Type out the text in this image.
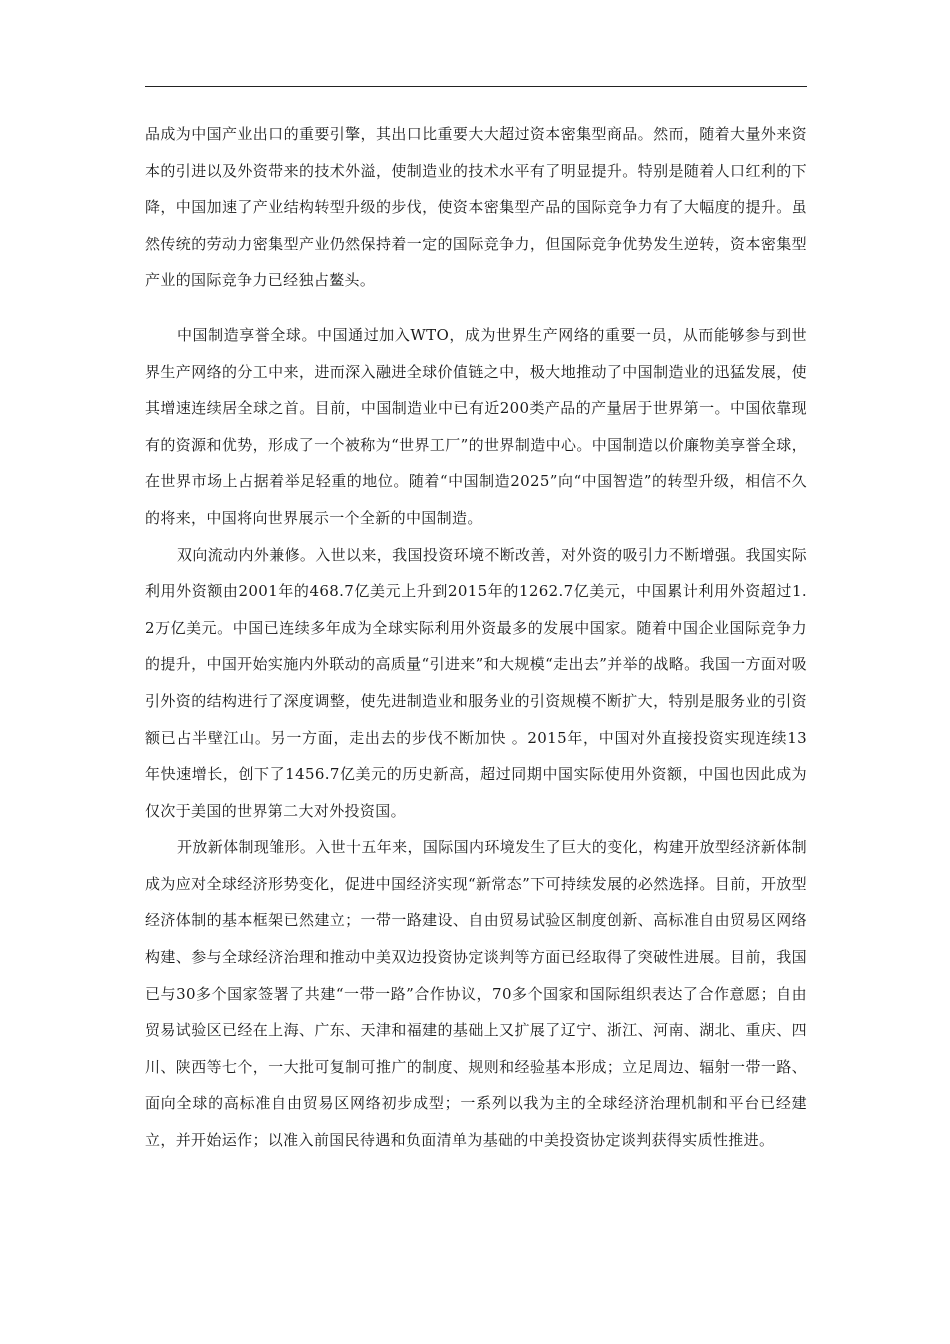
品成为中国产业出口的重要引擎，其出口比重要大大超过资本密集型商品。然而，随着大量外来资本的引进以及外资带来的技术外溢，使制造业的技术水平有了明显提升。特别是随着人口红利的下降，中国加速了产业结构转型升级的步伐，使资本密集型产品的国际竞争力有了大幅度的提升。虽然传统的劳动力密集型产业仍然保持着一定的国际竞争力，但国际竞争优势发生逆转，资本密集型产业的国际竞争力已经独占鳌头。

中国制造享誉全球。中国通过加入WTO，成为世界生产网络的重要一员，从而能够参与到世界生产网络的分工中来，进而深入融进全球价值链之中，极大地推动了中国制造业的迅猛发展，使其增速连续居全球之首。目前，中国制造业中已有近200类产品的产量居于世界第一。中国依靠现有的资源和优势，形成了一个被称为“世界工厂”的世界制造中心。中国制造以价廉物美享誉全球，在世界市场上占据着举足轻重的地位。随着“中国制造2025”向“中国智造”的转型升级，相信不久的将来，中国将向世界展示一个全新的中国制造。

双向流动内外兼修。入世以来，我国投资环境不断改善，对外资的吸引力不断增强。我国实际利用外资额由2001年的468.7亿美元上升到2015年的1262.7亿美元，中国累计利用外资超过1.2万亿美元。中国已连续多年成为全球实际利用外资最多的发展中国家。随着中国企业国际竞争力的提升，中国开始实施内外联动的高质量“引进来”和大规模“走出去”并举的战略。我国一方面对吸引外资的结构进行了深度调整，使先进制造业和服务业的引资规模不断扩大，特别是服务业的引资额已占半壁江山。另一方面，走出去的步伐不断加快 。2015年，中国对外直接投资实现连续13年快速增长，创下了1456.7亿美元的历史新高，超过同期中国实际使用外资额，中国也因此成为仅次于美国的世界第二大对外投资国。

开放新体制现雏形。入世十五年来，国际国内环境发生了巨大的变化，构建开放型经济新体制成为应对全球经济形势变化，促进中国经济实现“新常态”下可持续发展的必然选择。目前，开放型经济体制的基本框架已然建立；一带一路建设、自由贸易试验区制度创新、高标准自由贸易区网络构建、参与全球经济治理和推动中美双边投资协定谈判等方面已经取得了突破性进展。目前，我国已与30多个国家签署了共建“一带一路”合作协议，70多个国家和国际组织表达了合作意愿；自由贸易试验区已经在上海、广东、天津和福建的基础上又扩展了辽宁、浙江、河南、湖北、重庆、四川、陕西等七个，一大批可复制可推广的制度、规则和经验基本形成；立足周边、辐射一带一路、面向全球的高标准自由贸易区网络初步成型；一系列以我为主的全球经济治理机制和平台已经建立，并开始运作；以准入前国民待遇和负面清单为基础的中美投资协定谈判获得实质性推进。
